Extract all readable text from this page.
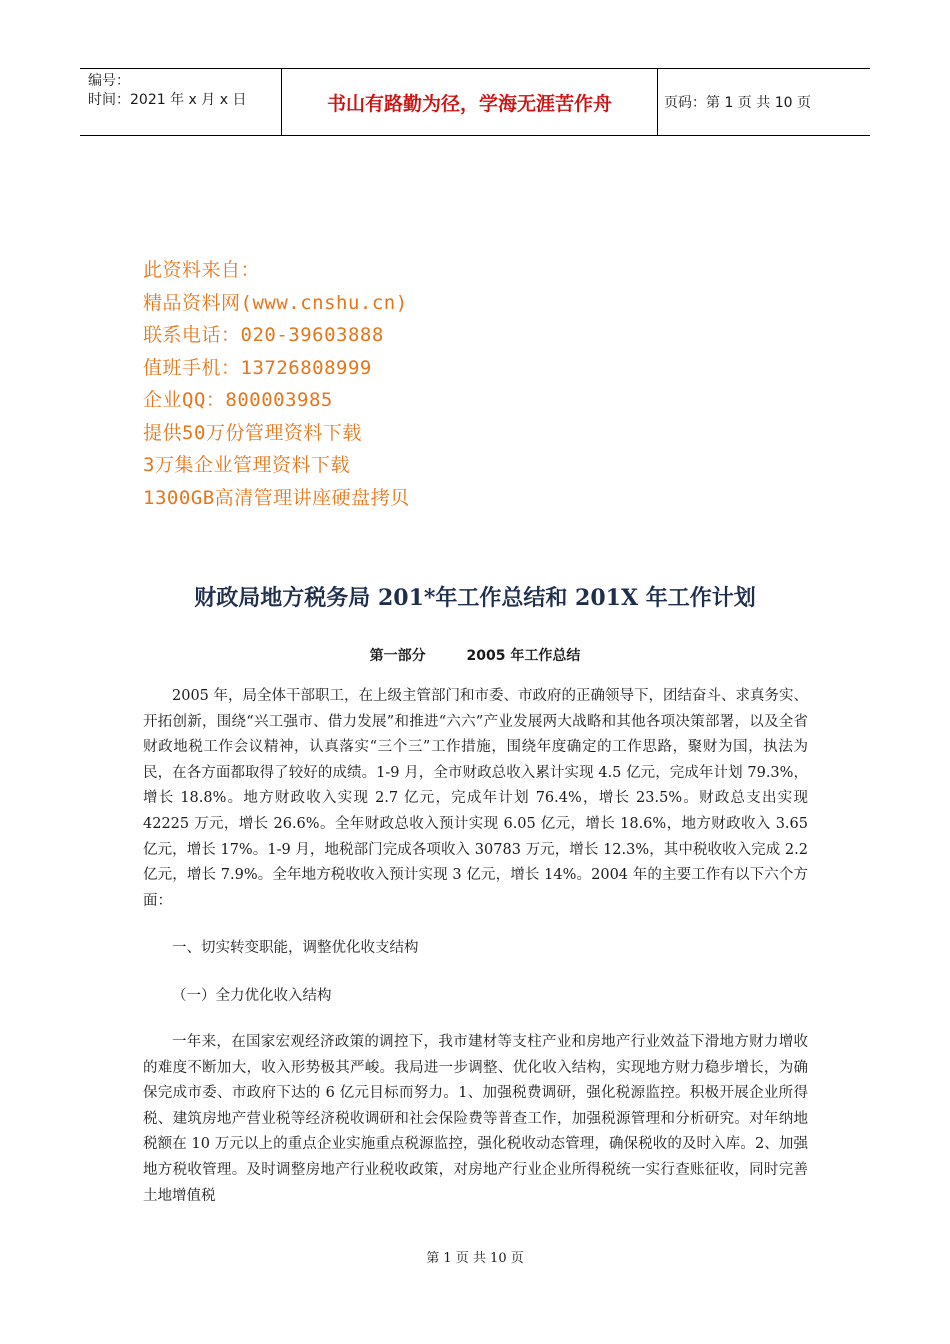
编号：
时间：2021 年 x 月 x 日	书山有路勤为径，学海无涯苦作舟	页码：第 1 页 共 10 页
此资料来自：
精品资料网(www.cnshu.cn)
联系电话：020-39603888
值班手机：13726808999
企业QQ：800003985
提供50万份管理资料下载
3万集企业管理资料下载
1300GB高清管理讲座硬盘拷贝
财政局地方税务局 201*年工作总结和 201X 年工作计划
第一部分	2005 年工作总结
2005 年，局全体干部职工，在上级主管部门和市委、市政府的正确领导下，团结奋斗、求真务实、开拓创新，围绕“兴工强市、借力发展”和推进“六六”产业发展两大战略和其他各项决策部署，以及全省财政地税工作会议精神，认真落实“三个三”工作措施，围绕年度确定的工作思路，聚财为国，执法为民，在各方面都取得了较好的成绩。1-9 月，全市财政总收入累计实现 4.5 亿元，完成年计划 79.3%，增长 18.8%。地方财政收入实现 2.7 亿元，完成年计划 76.4%，增长 23.5%。财政总支出实现 42225 万元，增长 26.6%。全年财政总收入预计实现 6.05 亿元，增长 18.6%，地方财政收入 3.65 亿元，增长 17%。1-9 月，地税部门完成各项收入 30783 万元，增长 12.3%，其中税收收入完成 2.2 亿元，增长 7.9%。全年地方税收收入预计实现 3 亿元，增长 14%。2004 年的主要工作有以下六个方面：
一、切实转变职能，调整优化收支结构
（一）全力优化收入结构
一年来，在国家宏观经济政策的调控下，我市建材等支柱产业和房地产行业效益下滑地方财力增收的难度不断加大，收入形势极其严峻。我局进一步调整、优化收入结构，实现地方财力稳步增长，为确保完成市委、市政府下达的 6 亿元目标而努力。1、加强税费调研，强化税源监控。积极开展企业所得税、建筑房地产营业税等经济税收调研和社会保险费等普查工作，加强税源管理和分析研究。对年纳地税额在 10 万元以上的重点企业实施重点税源监控，强化税收动态管理，确保税收的及时入库。2、加强地方税收管理。及时调整房地产行业税收政策，对房地产行业企业所得税统一实行查账征收，同时完善土地增值税
第 1 页 共 10 页
